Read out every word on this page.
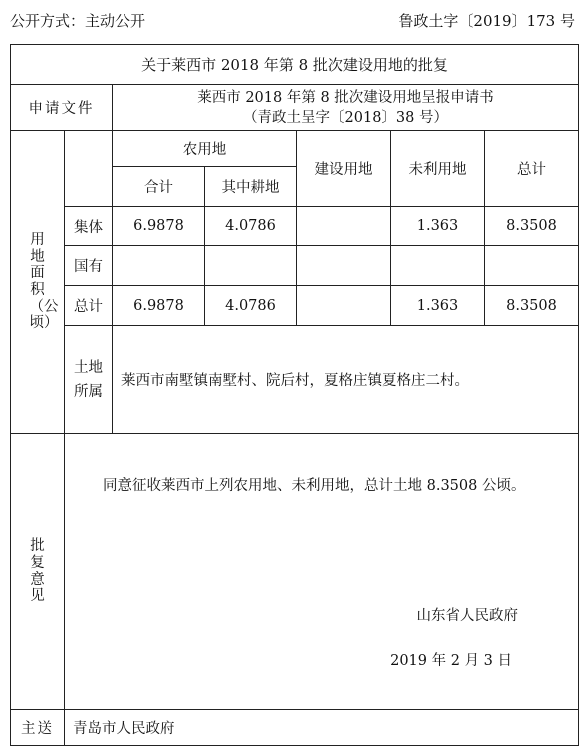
公开方式：主动公开	鲁政土字〔2019〕173 号
关于莱西市 2018 年第 8 批次建设用地的批复						
申请文件		莱西市 2018 年第 8 批次建设用地呈报申请书
（青政土呈字〔2018〕38 号）				

用地面积（公顷）		农用地		建设用地	未利用地	总计
		合计	其中耕地			
	集体	6.9878	4.0786		1.363	8.3508
	国有					
	总计	6.9878	4.0786		1.363	8.3508

	土地
所属	莱西市南墅镇南墅村、院后村，夏格庄镇夏格庄二村。				

批复意见	同意征收莱西市上列农用地、未利用地，总计土地 8.3508 公顷。
山东省人民政府
2019 年 2 月 3 日					

主送	青岛市人民政府					
